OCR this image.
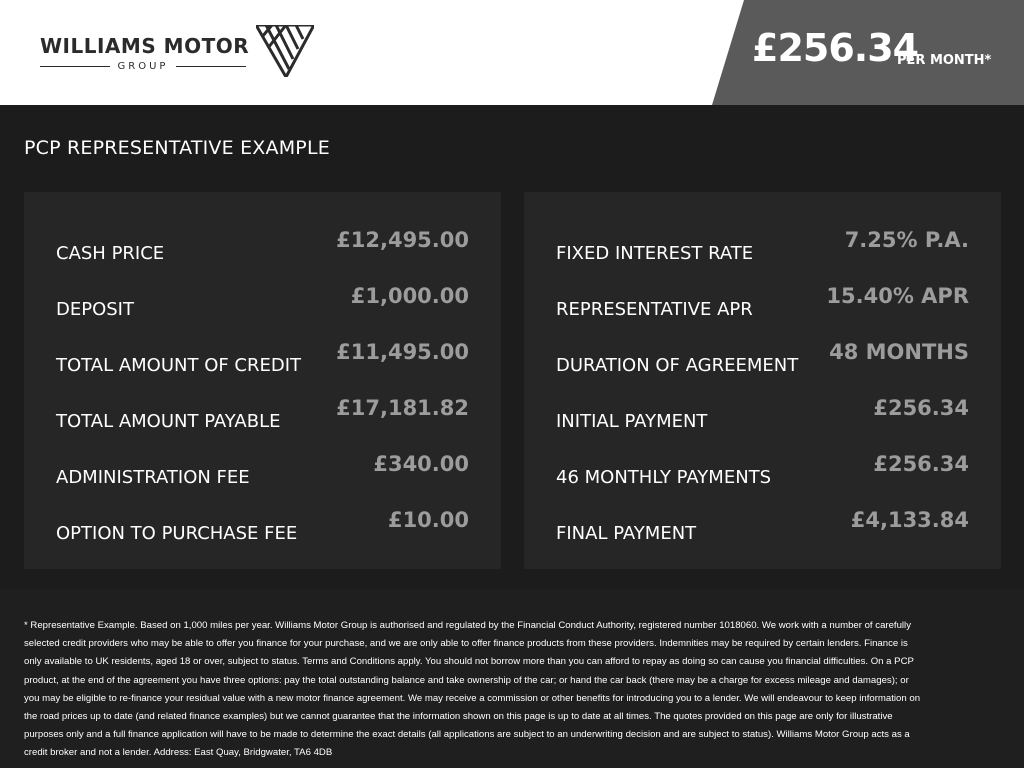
WILLIAMS MOTOR
GROUP	£256.34
PER MONTH*
PCP REPRESENTATIVE EXAMPLE
CASH PRICE
£12,495.00
DEPOSIT
£1,000.00
TOTAL AMOUNT OF CREDIT
£11,495.00
TOTAL AMOUNT PAYABLE
£17,181.82
ADMINISTRATION FEE
£340.00
OPTION TO PURCHASE FEE
£10.00
FIXED INTEREST RATE
7.25% P.A.
REPRESENTATIVE APR
15.40% APR
DURATION OF AGREEMENT
48 MONTHS
INITIAL PAYMENT
£256.34
46 MONTHLY PAYMENTS
£256.34
FINAL PAYMENT
£4,133.84
* Representative Example. Based on 1,000 miles per year. Williams Motor Group is authorised and regulated by the Financial Conduct Authority, registered number 1018060. We work with a number of carefully selected credit providers who may be able to offer you finance for your purchase, and we are only able to offer finance products from these providers. Indemnities may be required by certain lenders. Finance is only available to UK residents, aged 18 or over, subject to status. Terms and Conditions apply. You should not borrow more than you can afford to repay as doing so can cause you financial difficulties. On a PCP product, at the end of the agreement you have three options: pay the total outstanding balance and take ownership of the car; or hand the car back (there may be a charge for excess mileage and damages); or you may be eligible to re-finance your residual value with a new motor finance agreement. We may receive a commission or other benefits for introducing you to a lender. We will endeavour to keep information on the road prices up to date (and related finance examples) but we cannot guarantee that the information shown on this page is up to date at all times. The quotes provided on this page are only for illustrative purposes only and a full finance application will have to be made to determine the exact details (all applications are subject to an underwriting decision and are subject to status). Williams Motor Group acts as a credit broker and not a lender. Address: East Quay, Bridgwater, TA6 4DB
